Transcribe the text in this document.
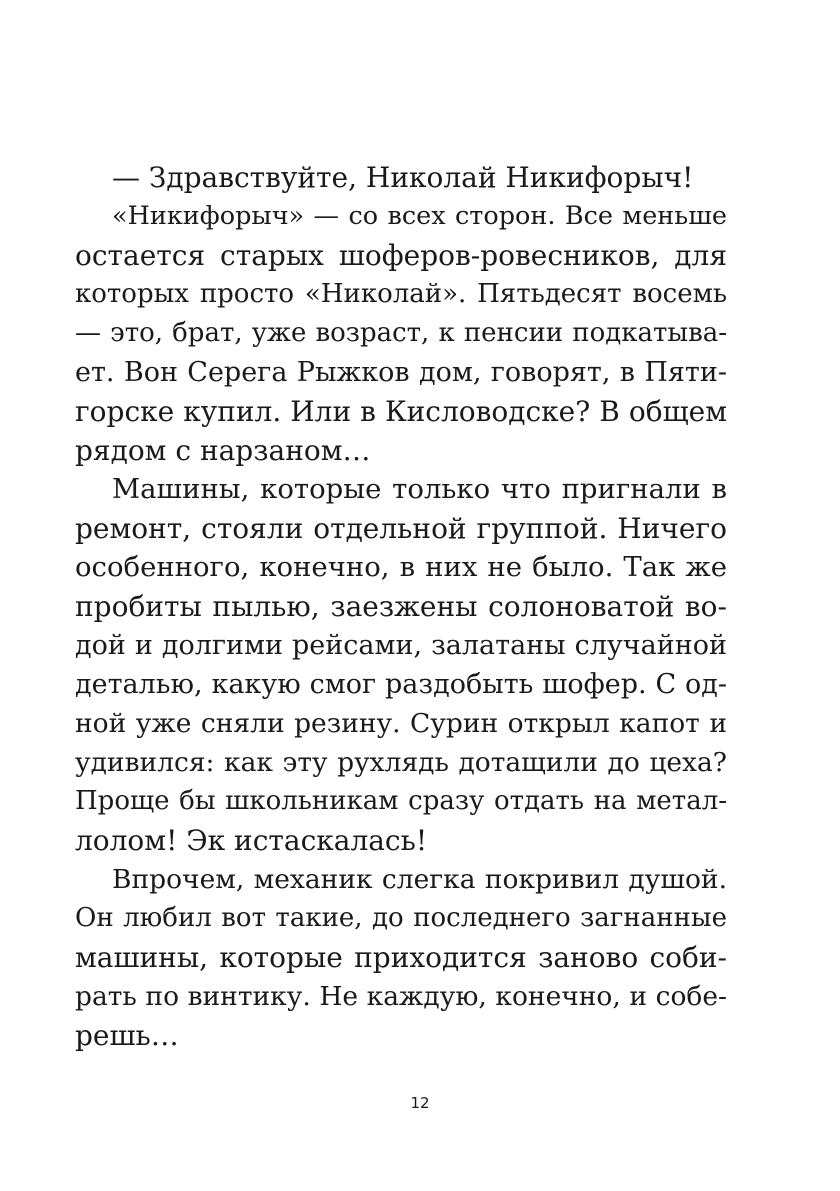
— Здравствуйте, Николай Никифорыч!
«Никифорыч» — со всех сторон. Все меньше
остается старых шоферов-ровесников, для
которых просто «Николай». Пятьдесят восемь
— это, брат, уже возраст, к пенсии подкатыва-
ет. Вон Серега Рыжков дом, говорят, в Пяти-
горске купил. Или в Кисловодске? В общем
рядом с нарзаном…
Машины, которые только что пригнали в
ремонт, стояли отдельной группой. Ничего
особенного, конечно, в них не было. Так же
пробиты пылью, заезжены солоноватой во-
дой и долгими рейсами, залатаны случайной
деталью, какую смог раздобыть шофер. С од-
ной уже сняли резину. Сурин открыл капот и
удивился: как эту рухлядь дотащили до цеха?
Проще бы школьникам сразу отдать на метал-
лолом! Эк истаскалась!
Впрочем, механик слегка покривил душой.
Он любил вот такие, до последнего загнанные
машины, которые приходится заново соби-
рать по винтику. Не каждую, конечно, и собе-
решь…
12
